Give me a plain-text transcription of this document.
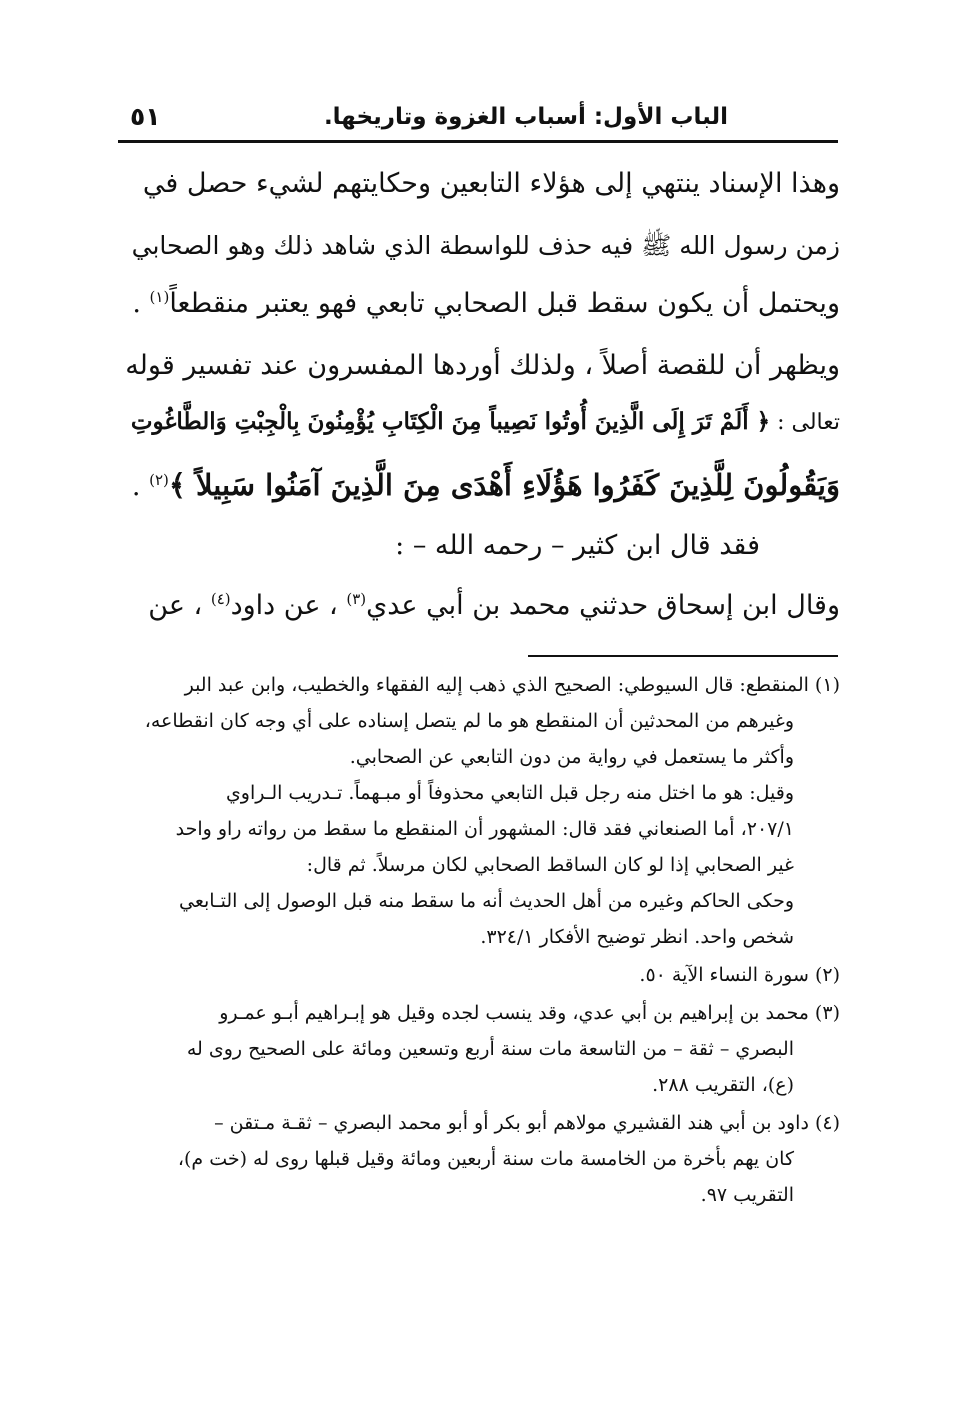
الباب الأول: أسباب الغزوة وتاريخها.
٥١
وهذا الإسناد ينتهي إلى هؤلاء التابعين وحكايتهم لشيء حصل في
زمن رسول الله ﷺ فيه حذف للواسطة الذي شاهد ذلك وهو الصحابي
ويحتمل أن يكون سقط قبل الصحابي تابعي فهو يعتبر منقطعاً$^{(١)}$ .
ويظهر أن للقصة أصلاً ، ولذلك أوردها المفسرون عند تفسير قوله
تعالى : ﴿ أَلَمْ تَرَ إِلَى الَّذِينَ أُوتُوا نَصِيباً مِنَ الْكِتَابِ يُؤْمِنُونَ بِالْجِبْتِ وَالطَّاغُوتِ
وَيَقُولُونَ لِلَّذِينَ كَفَرُوا هَؤُلَاءِ أَهْدَى مِنَ الَّذِينَ آمَنُوا سَبِيلاً ﴾$^{(٢)}$ .
فقد قال ابن كثير – رحمه الله – :
وقال ابن إسحاق حدثني محمد بن أبي عدي$^{(٣)}$ ، عن داود$^{(٤)}$ ، عن
(١) المنقطع: قال السيوطي: الصحيح الذي ذهب إليه الفقهاء والخطيب، وابن عبد البر
وغيرهم من المحدثين أن المنقطع هو ما لم يتصل إسناده على أي وجه كان انقطاعه،
وأكثر ما يستعمل في رواية من دون التابعي عن الصحابي.
وقيل: هو ما اختل منه رجل قبل التابعي محذوفاً أو مبـهماً. تـدريب الـراوي
٢٠٧/١، أما الصنعاني فقد قال: المشهور أن المنقطع ما سقط من رواته راو واحد
غير الصحابي إذا لو كان الساقط الصحابي لكان مرسلاً. ثم قال:
وحكى الحاكم وغيره من أهل الحديث أنه ما سقط منه قبل الوصول إلى التـابعي
شخص واحد. انظر توضيح الأفكار ٣٢٤/١.
(٢) سورة النساء الآية ٥٠.
(٣) محمد بن إبراهيم بن أبي عدي، وقد ينسب لجده وقيل هو إبـراهيم أبـو عمـرو
البصري – ثقة – من التاسعة مات سنة أربع وتسعين ومائة على الصحيح روى له
(ع)، التقريب ٢٨٨.
(٤) داود بن أبي هند القشيري مولاهم أبو بكر أو أبو محمد البصري – ثقـة مـتقن –
كان يهم بأخرة من الخامسة مات سنة أربعين ومائة وقيل قبلها روى له (خت م)،
التقريب ٩٧.
